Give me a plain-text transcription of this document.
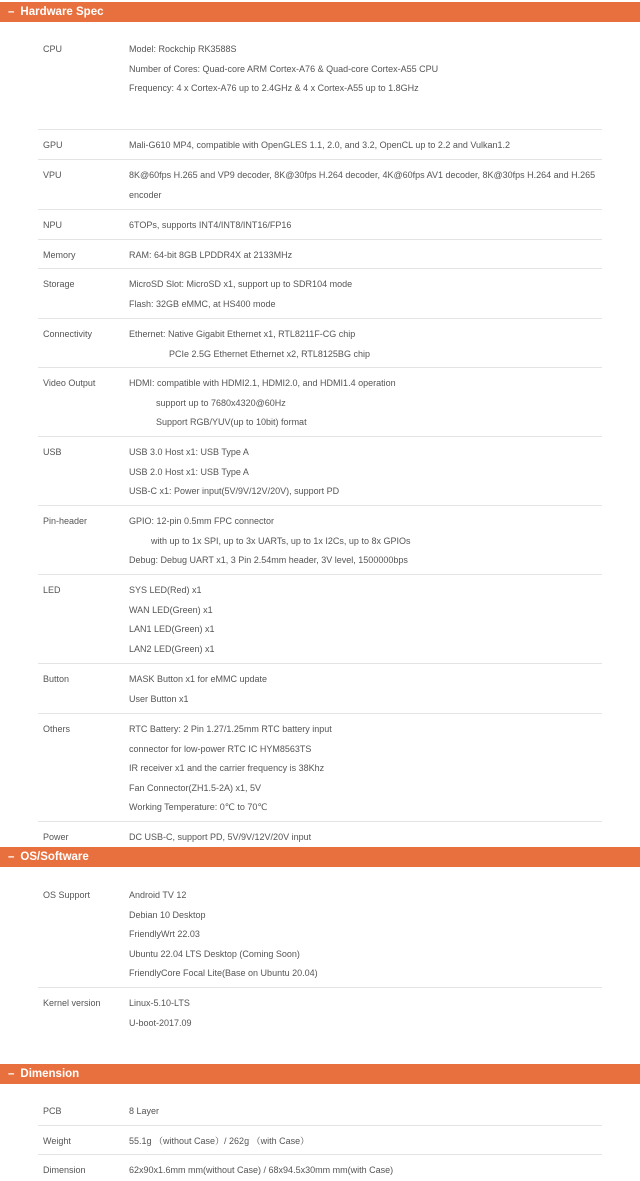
– Hardware Spec
CPU	Model: Rockchip RK3588S
Number of Cores: Quad-core ARM Cortex-A76 & Quad-core Cortex-A55 CPU
Frequency: 4 x Cortex-A76 up to 2.4GHz & 4 x Cortex-A55 up to 1.8GHz
GPU	Mali-G610 MP4, compatible with OpenGLES 1.1, 2.0, and 3.2, OpenCL up to 2.2 and Vulkan1.2
VPU	8K@60fps H.265 and VP9 decoder, 8K@30fps H.264 decoder, 4K@60fps AV1 decoder, 8K@30fps H.264 and H.265
encoder
NPU	6TOPs, supports INT4/INT8/INT16/FP16
Memory	RAM: 64-bit 8GB LPDDR4X at 2133MHz
Storage	MicroSD Slot: MicroSD x1, support up to SDR104 mode
Flash: 32GB eMMC, at HS400 mode
Connectivity	Ethernet: Native Gigabit Ethernet x1, RTL8211F-CG chip
PCIe 2.5G Ethernet Ethernet x2, RTL8125BG chip
Video Output	HDMI: compatible with HDMI2.1, HDMI2.0, and HDMI1.4 operation
support up to 7680x4320@60Hz
Support RGB/YUV(up to 10bit) format
USB	USB 3.0 Host x1: USB Type A
USB 2.0 Host x1: USB Type A
USB-C x1: Power input(5V/9V/12V/20V), support PD
Pin-header	GPIO: 12-pin 0.5mm FPC connector
with up to 1x SPI, up to 3x UARTs, up to 1x I2Cs, up to 8x GPIOs
Debug: Debug UART x1, 3 Pin 2.54mm header, 3V level, 1500000bps
LED	SYS LED(Red) x1
WAN LED(Green) x1
LAN1 LED(Green) x1
LAN2 LED(Green) x1
Button	MASK Button x1 for eMMC update
User Button x1
Others	RTC Battery: 2 Pin 1.27/1.25mm RTC battery input
connector for low-power RTC IC HYM8563TS
IR receiver x1 and the carrier frequency is 38Khz
Fan Connector(ZH1.5-2A) x1, 5V
Working Temperature: 0℃ to 70℃
Power	DC USB-C, support PD, 5V/9V/12V/20V input
– OS/Software
OS Support	Android TV 12
Debian 10 Desktop
FriendlyWrt 22.03
Ubuntu 22.04 LTS Desktop (Coming Soon)
FriendlyCore Focal Lite(Base on Ubuntu 20.04)
Kernel version	Linux-5.10-LTS
U-boot-2017.09
– Dimension
PCB	8 Layer
Weight	55.1g （without Case）/ 262g （with Case）
Dimension	62x90x1.6mm mm(without Case) / 68x94.5x30mm mm(with Case)
